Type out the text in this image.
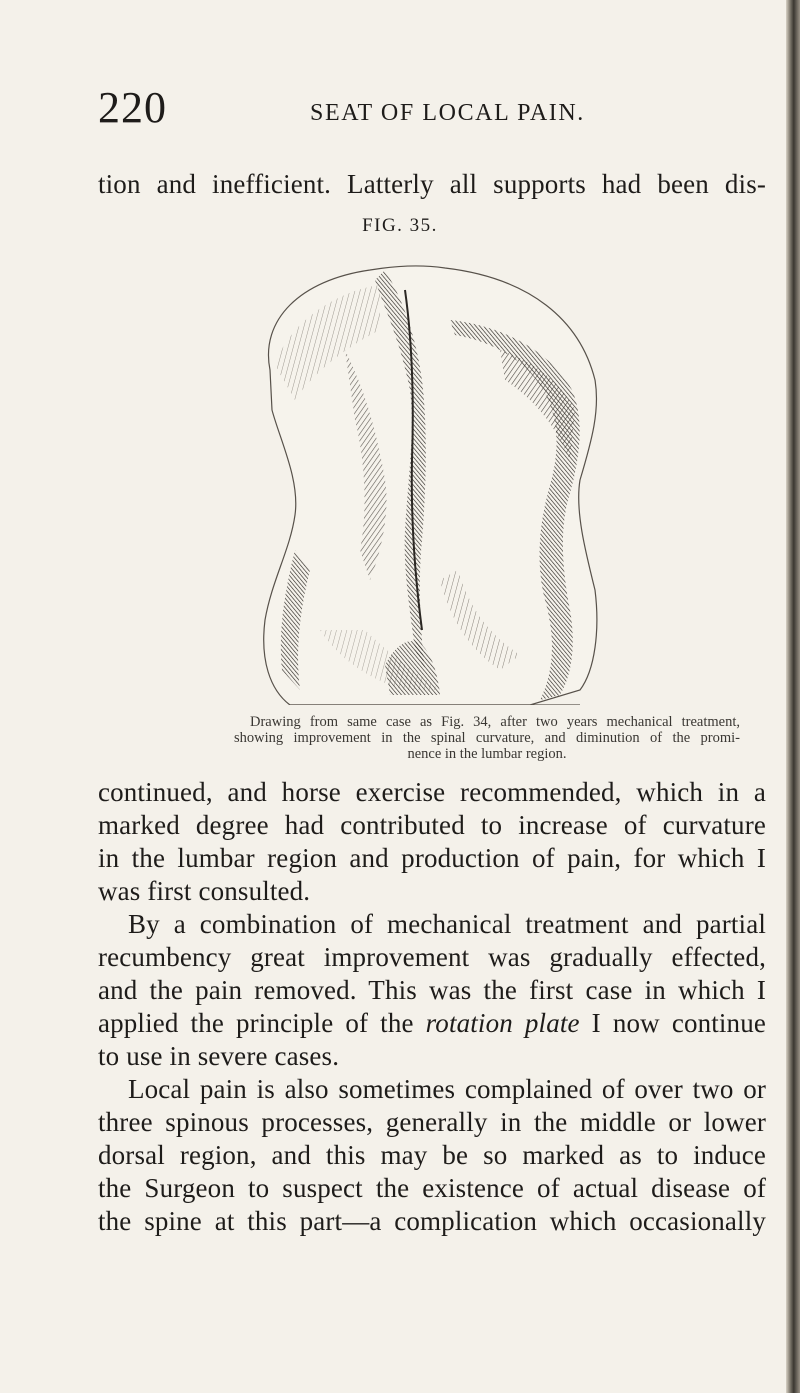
220	SEAT OF LOCAL PAIN.
tion and inefficient. Latterly all supports had been dis-
FIG. 35.
Drawing from same case as Fig. 34, after two years mechanical treatment,
showing improvement in the spinal curvature, and diminution of the promi-
nence in the lumbar region.
continued, and horse exercise recommended, which in a
marked degree had contributed to increase of curvature
in the lumbar region and production of pain, for which I
was first consulted.
By a combination of mechanical treatment and partial
recumbency great improvement was gradually effected,
and the pain removed. This was the first case in which I
applied the principle of the rotation plate I now continue
to use in severe cases.
Local pain is also sometimes complained of over two or
three spinous processes, generally in the middle or lower
dorsal region, and this may be so marked as to induce
the Surgeon to suspect the existence of actual disease of
the spine at this part—a complication which occasionally
